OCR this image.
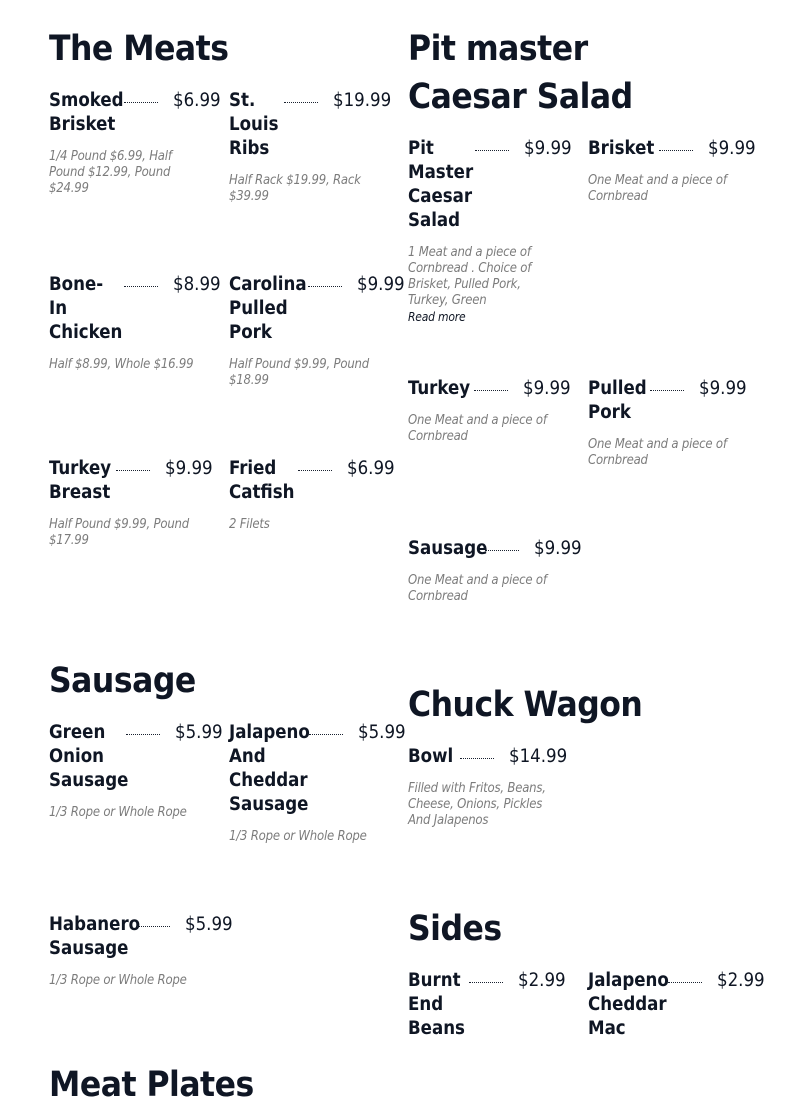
The Meats
Smoked Brisket
$6.99
1/4 Pound $6.99, Half Pound $12.99, Pound $24.99
St. Louis Ribs
$19.99
Half Rack $19.99, Rack $39.99
Bone-In Chicken
$8.99
Half $8.99, Whole $16.99
Carolina Pulled Pork
$9.99
Half Pound $9.99, Pound $18.99
Turkey Breast
$9.99
Half Pound $9.99, Pound $17.99
Fried Catfish
$6.99
2 Filets
Pit master Caesar Salad
Pit Master Caesar Salad
$9.99
1 Meat and a piece of Cornbread . Choice of Brisket, Pulled Pork, Turkey, Green
Read more
Brisket	$9.99
One Meat and a piece of Cornbread
Turkey	$9.99
One Meat and a piece of Cornbread
Pulled Pork
$9.99
One Meat and a piece of Cornbread
Sausage	$9.99
One Meat and a piece of Cornbread
Sausage
Green Onion Sausage
$5.99
1/3 Rope or Whole Rope
Jalapeno And Cheddar Sausage
$5.99
1/3 Rope or Whole Rope
Habanero Sausage
$5.99
1/3 Rope or Whole Rope
Chuck Wagon
Bowl	$14.99
Filled with Fritos, Beans, Cheese, Onions, Pickles And Jalapenos
Sides
Burnt End Beans
$2.99 Jalapeno Cheddar Mac
$2.99
Meat Plates
